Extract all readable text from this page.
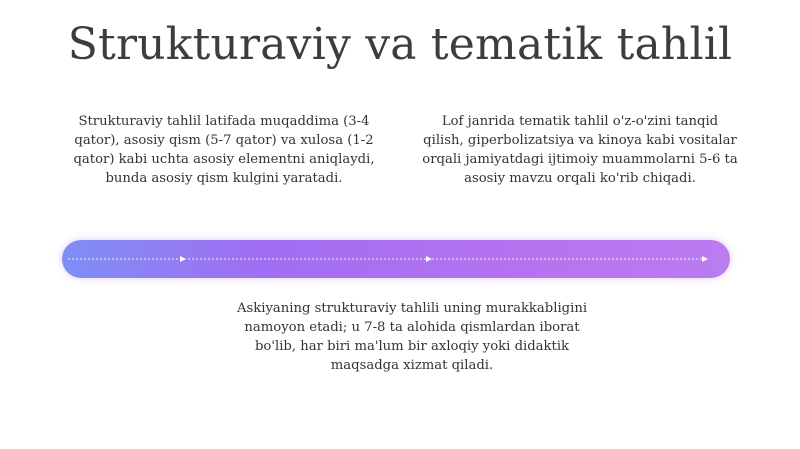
Strukturaviy va tematik tahlil

Strukturaviy tahlil latifada muqaddima (3-4 qator), asosiy qism (5-7 qator) va xulosa (1-2 qator) kabi uchta asosiy elementni aniqlaydi, bunda asosiy qism kulgini yaratadi.

Lof janrida tematik tahlil o'z-o'zini tanqid qilish, giperbolizatsiya va kinoya kabi vositalar orqali jamiyatdagi ijtimoiy muammolarni 5-6 ta asosiy mavzu orqali ko'rib chiqadi.

Askiyaning strukturaviy tahlili uning murakkabligini namoyon etadi; u 7-8 ta alohida qismlardan iborat bo'lib, har biri ma'lum bir axloqiy yoki didaktik maqsadga xizmat qiladi.
